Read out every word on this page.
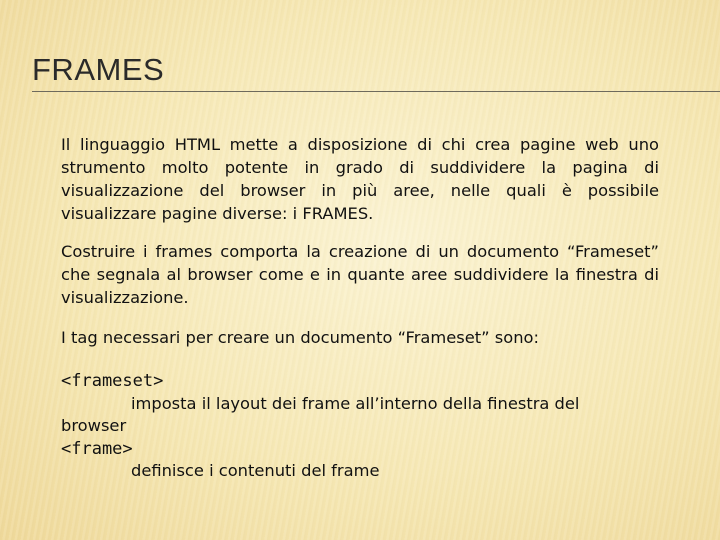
FRAMES

Il linguaggio HTML mette a disposizione di chi crea pagine web uno strumento molto potente in grado di suddividere la pagina di visualizzazione del browser in più aree, nelle quali è possibile visualizzare pagine diverse: i FRAMES.

Costruire i frames comporta la creazione di un documento “Frameset” che segnala al browser come e in quante aree suddividere la finestra di visualizzazione.

I tag necessari per creare un documento “Frameset” sono:

<frameset>
imposta il layout dei frame all’interno della finestra del
browser
<frame>
definisce i contenuti del frame
